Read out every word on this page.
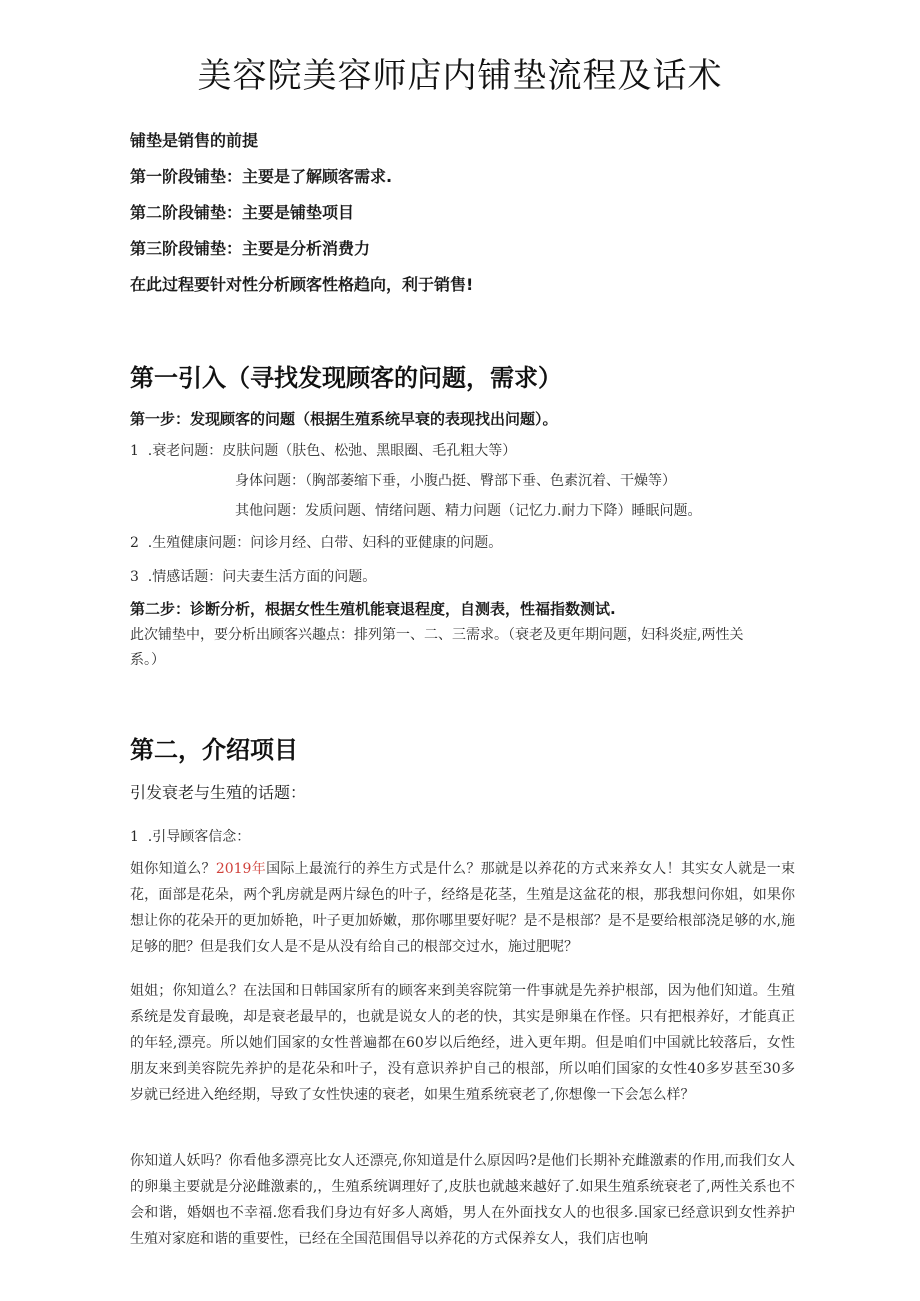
美容院美容师店内铺垫流程及话术
铺垫是销售的前提
第一阶段铺垫：主要是了解顾客需求.
第二阶段铺垫：主要是铺垫项目
第三阶段铺垫：主要是分析消费力
在此过程要针对性分析顾客性格趋向，利于销售!
第一引入（寻找发现顾客的问题，需求）
第一步：发现顾客的问题（根据生殖系统早衰的表现找出问题）。
1  .衰老问题：皮肤问题（肤色、松弛、黑眼圈、毛孔粗大等）
身体问题：（胸部萎缩下垂，小腹凸挺、臀部下垂、色素沉着、干燥等）
其他问题：发质问题、情绪问题、精力问题（记忆力.耐力下降）睡眠问题。
2  .生殖健康问题：问诊月经、白带、妇科的亚健康的问题。
3  .情感话题：问夫妻生活方面的问题。
第二步：诊断分析，根据女性生殖机能衰退程度，自测表，性福指数测试.
此次铺垫中，要分析出顾客兴趣点：排列第一、二、三需求。（衰老及更年期问题，妇科炎症,两性关
系。）
第二，介绍项目
引发衰老与生殖的话题：
1  .引导顾客信念：

姐你知道么？2019年国际上最流行的养生方式是什么？那就是以养花的方式来养女人！其实女人就是一束花，面部是花朵，两个乳房就是两片绿色的叶子，经络是花茎，生殖是这盆花的根，那我想问你姐，如果你想让你的花朵开的更加娇艳，叶子更加娇嫩，那你哪里要好呢？是不是根部？是不是要给根部浇足够的水,施足够的肥？但是我们女人是不是从没有给自己的根部交过水，施过肥呢？

姐姐；你知道么？在法国和日韩国家所有的顾客来到美容院第一件事就是先养护根部，因为他们知道。生殖系统是发育最晚，却是衰老最早的，也就是说女人的老的快，其实是卵巢在作怪。只有把根养好，才能真正的年轻,漂亮。所以她们国家的女性普遍都在60岁以后绝经，进入更年期。但是咱们中国就比较落后，女性朋友来到美容院先养护的是花朵和叶子，没有意识养护自己的根部，所以咱们国家的女性40多岁甚至30多岁就已经进入绝经期，导致了女性快速的衰老，如果生殖系统衰老了,你想像一下会怎么样？

你知道人妖吗？你看他多漂亮比女人还漂亮,你知道是什么原因吗?是他们长期补充雌激素的作用,而我们女人的卵巢主要就是分泌雌激素的,，生殖系统调理好了,皮肤也就越来越好了.如果生殖系统衰老了,两性关系也不会和谐，婚姻也不幸福.您看我们身边有好多人离婚，男人在外面找女人的也很多.国家已经意识到女性养护生殖对家庭和谐的重要性，已经在全国范围倡导以养花的方式保养女人，我们店也响
